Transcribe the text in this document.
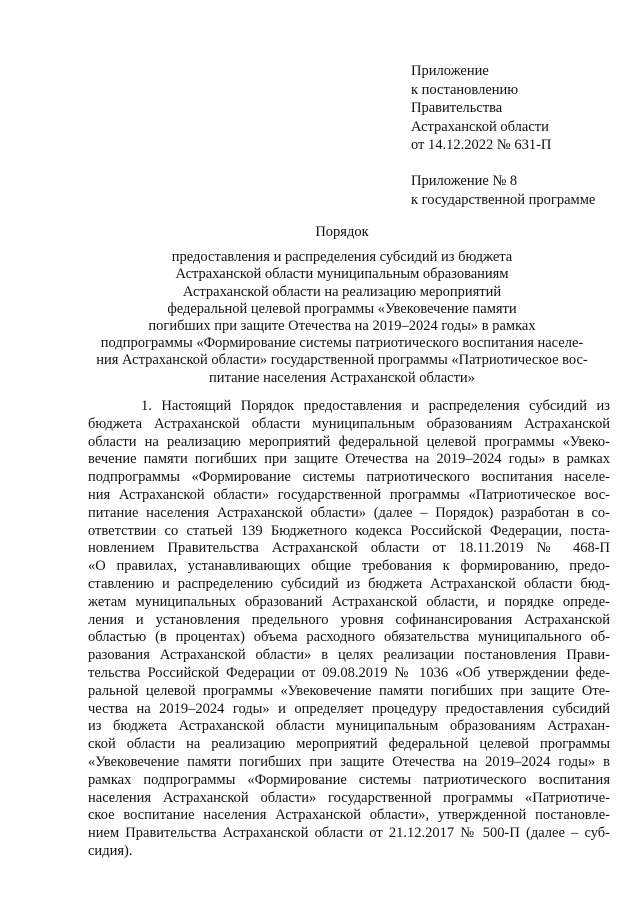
Приложение
к постановлению
Правительства
Астраханской области
от 14.12.2022 № 631-П
Приложение № 8
к государственной программе
Порядок
предоставления и распределения субсидий из бюджета
Астраханской области муниципальным образованиям
Астраханской области на реализацию мероприятий
федеральной целевой программы «Увековечение памяти
погибших при защите Отечества на 2019–2024 годы» в рамках
подпрограммы «Формирование системы патриотического воспитания населе-
ния Астраханской области» государственной программы «Патриотическое вос-
питание населения Астраханской области»
1. Настоящий Порядок предоставления и распределения субсидий из
бюджета Астраханской области муниципальным образованиям Астраханской
области на реализацию мероприятий федеральной целевой программы «Увеко-
вечение памяти погибших при защите Отечества на 2019–2024 годы» в рамках
подпрограммы «Формирование системы патриотического воспитания населе-
ния Астраханской области» государственной программы «Патриотическое вос-
питание населения Астраханской области» (далее – Порядок) разработан в со-
ответствии со статьей 139 Бюджетного кодекса Российской Федерации, поста-
новлением Правительства Астраханской области от 18.11.2019 № 468-П
«О правилах, устанавливающих общие требования к формированию, предо-
ставлению и распределению субсидий из бюджета Астраханской области бюд-
жетам муниципальных образований Астраханской области, и порядке опреде-
ления и установления предельного уровня софинансирования Астраханской
областью (в процентах) объема расходного обязательства муниципального об-
разования Астраханской области» в целях реализации постановления Прави-
тельства Российской Федерации от 09.08.2019 № 1036 «Об утверждении феде-
ральной целевой программы «Увековечение памяти погибших при защите Оте-
чества на 2019–2024 годы» и определяет процедуру предоставления субсидий
из бюджета Астраханской области муниципальным образованиям Астрахан-
ской области на реализацию мероприятий федеральной целевой программы
«Увековечение памяти погибших при защите Отечества на 2019–2024 годы» в
рамках подпрограммы «Формирование системы патриотического воспитания
населения Астраханской области» государственной программы «Патриотиче-
ское воспитание населения Астраханской области», утвержденной постановле-
нием Правительства Астраханской области от 21.12.2017 № 500-П (далее – суб-
сидия).
